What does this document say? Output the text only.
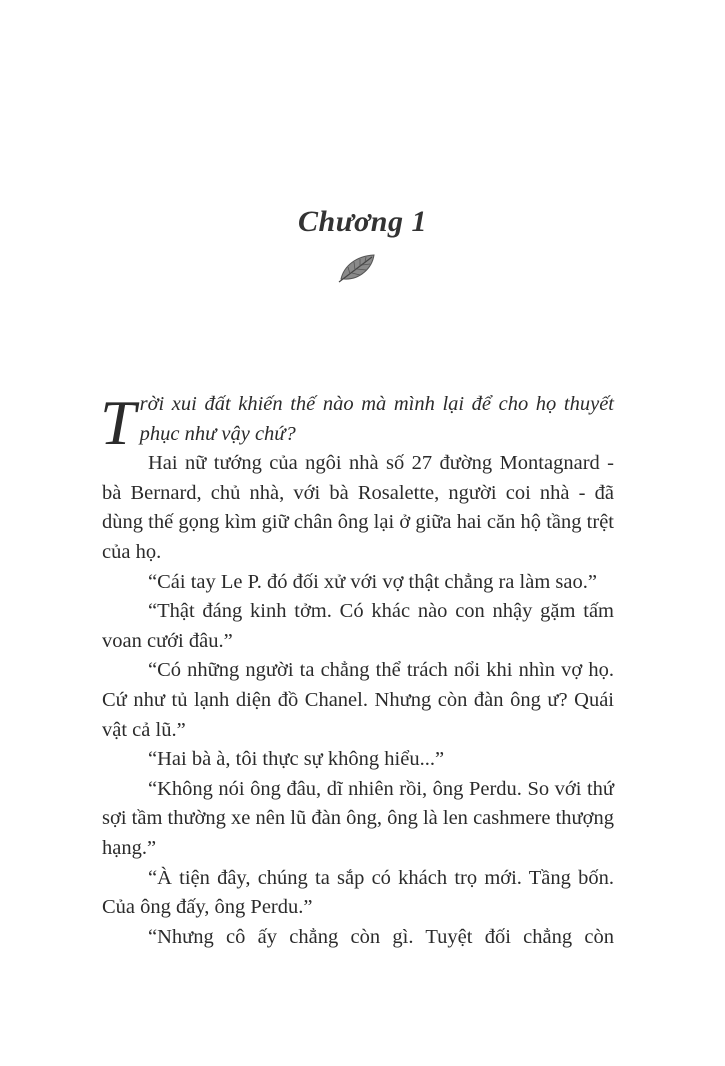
Chương 1

Trời xui đất khiến thế nào mà mình lại để cho họ thuyết phục như vậy chứ?

Hai nữ tướng của ngôi nhà số 27 đường Montagnard - bà Bernard, chủ nhà, với bà Rosalette, người coi nhà - đã dùng thế gọng kìm giữ chân ông lại ở giữa hai căn hộ tầng trệt của họ.

“Cái tay Le P. đó đối xử với vợ thật chẳng ra làm sao.”

“Thật đáng kinh tởm. Có khác nào con nhậy gặm tấm voan cưới đâu.”

“Có những người ta chẳng thể trách nổi khi nhìn vợ họ. Cứ như tủ lạnh diện đồ Chanel. Nhưng còn đàn ông ư? Quái vật cả lũ.”

“Hai bà à, tôi thực sự không hiểu...”

“Không nói ông đâu, dĩ nhiên rồi, ông Perdu. So với thứ sợi tầm thường xe nên lũ đàn ông, ông là len cashmere thượng hạng.”

“À tiện đây, chúng ta sắp có khách trọ mới. Tầng bốn. Của ông đấy, ông Perdu.”

“Nhưng cô ấy chẳng còn gì. Tuyệt đối chẳng còn
